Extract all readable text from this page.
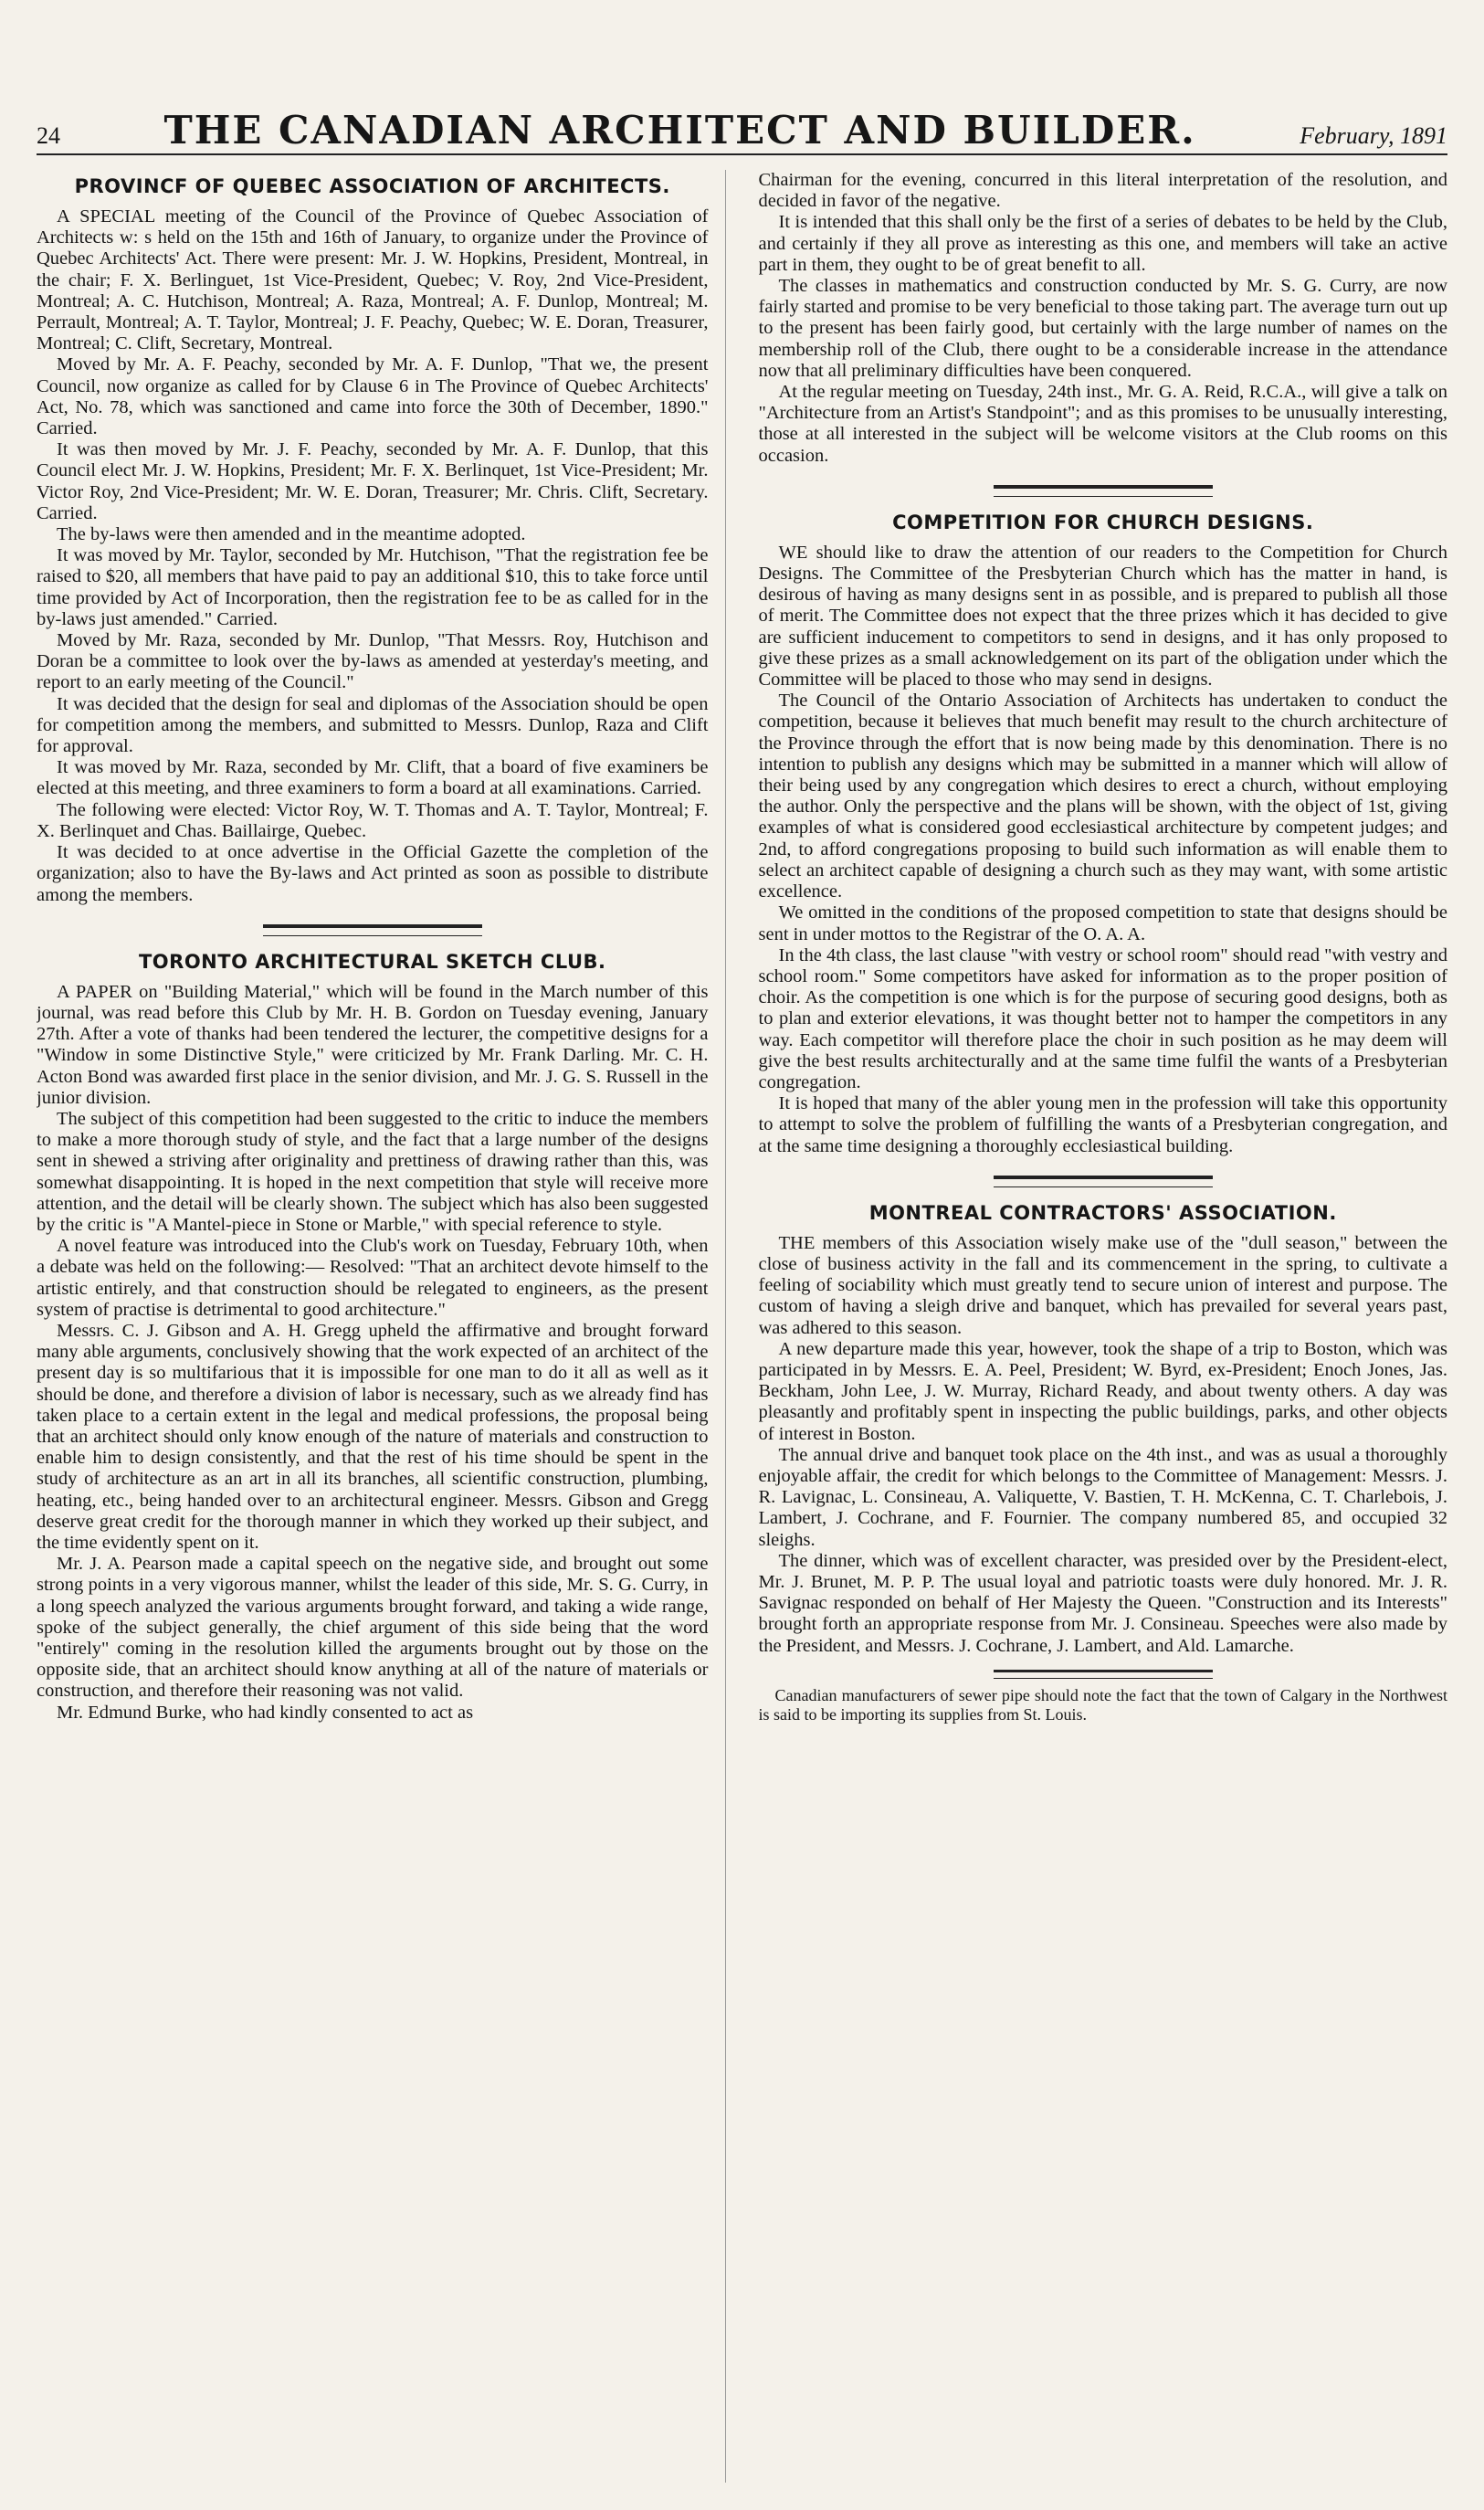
24	THE CANADIAN ARCHITECT AND BUILDER.	February, 1891
PROVINCF OF QUEBEC ASSOCIATION OF ARCHITECTS.

A SPECIAL meeting of the Council of the Province of Quebec Association of Architects w: s held on the 15th and 16th of January, to organize under the Province of Quebec Architects' Act. There were present: Mr. J. W. Hopkins, President, Montreal, in the chair; F. X. Berlinguet, 1st Vice-President, Quebec; V. Roy, 2nd Vice-President, Montreal; A. C. Hutchison, Montreal; A. Raza, Montreal; A. F. Dunlop, Montreal; M. Perrault, Montreal; A. T. Taylor, Montreal; J. F. Peachy, Quebec; W. E. Doran, Treasurer, Montreal; C. Clift, Secretary, Montreal.

Moved by Mr. A. F. Peachy, seconded by Mr. A. F. Dunlop, "That we, the present Council, now organize as called for by Clause 6 in The Province of Quebec Architects' Act, No. 78, which was sanctioned and came into force the 30th of December, 1890." Carried.

It was then moved by Mr. J. F. Peachy, seconded by Mr. A. F. Dunlop, that this Council elect Mr. J. W. Hopkins, President; Mr. F. X. Berlinquet, 1st Vice-President; Mr. Victor Roy, 2nd Vice-President; Mr. W. E. Doran, Treasurer; Mr. Chris. Clift, Secretary. Carried.

The by-laws were then amended and in the meantime adopted.

It was moved by Mr. Taylor, seconded by Mr. Hutchison, "That the registration fee be raised to $20, all members that have paid to pay an additional $10, this to take force until time provided by Act of Incorporation, then the registration fee to be as called for in the by-laws just amended." Carried.

Moved by Mr. Raza, seconded by Mr. Dunlop, "That Messrs. Roy, Hutchison and Doran be a committee to look over the by-laws as amended at yesterday's meeting, and report to an early meeting of the Council."

It was decided that the design for seal and diplomas of the Association should be open for competition among the members, and submitted to Messrs. Dunlop, Raza and Clift for approval.

It was moved by Mr. Raza, seconded by Mr. Clift, that a board of five examiners be elected at this meeting, and three examiners to form a board at all examinations. Carried.

The following were elected: Victor Roy, W. T. Thomas and A. T. Taylor, Montreal; F. X. Berlinquet and Chas. Baillairge, Quebec.

It was decided to at once advertise in the Official Gazette the completion of the organization; also to have the By-laws and Act printed as soon as possible to distribute among the members.

TORONTO ARCHITECTURAL SKETCH CLUB.

A PAPER on "Building Material," which will be found in the March number of this journal, was read before this Club by Mr. H. B. Gordon on Tuesday evening, January 27th. After a vote of thanks had been tendered the lecturer, the competitive designs for a "Window in some Distinctive Style," were criticized by Mr. Frank Darling. Mr. C. H. Acton Bond was awarded first place in the senior division, and Mr. J. G. S. Russell in the junior division.

The subject of this competition had been suggested to the critic to induce the members to make a more thorough study of style, and the fact that a large number of the designs sent in shewed a striving after originality and prettiness of drawing rather than this, was somewhat disappointing. It is hoped in the next competition that style will receive more attention, and the detail will be clearly shown. The subject which has also been suggested by the critic is "A Mantel-piece in Stone or Marble," with special reference to style.

A novel feature was introduced into the Club's work on Tuesday, February 10th, when a debate was held on the following:— Resolved: "That an architect devote himself to the artistic entirely, and that construction should be relegated to engineers, as the present system of practise is detrimental to good architecture."

Messrs. C. J. Gibson and A. H. Gregg upheld the affirmative and brought forward many able arguments, conclusively showing that the work expected of an architect of the present day is so multifarious that it is impossible for one man to do it all as well as it should be done, and therefore a division of labor is necessary, such as we already find has taken place to a certain extent in the legal and medical professions, the proposal being that an architect should only know enough of the nature of materials and construction to enable him to design consistently, and that the rest of his time should be spent in the study of architecture as an art in all its branches, all scientific construction, plumbing, heating, etc., being handed over to an architectural engineer. Messrs. Gibson and Gregg deserve great credit for the thorough manner in which they worked up their subject, and the time evidently spent on it.

Mr. J. A. Pearson made a capital speech on the negative side, and brought out some strong points in a very vigorous manner, whilst the leader of this side, Mr. S. G. Curry, in a long speech analyzed the various arguments brought forward, and taking a wide range, spoke of the subject generally, the chief argument of this side being that the word "entirely" coming in the resolution killed the arguments brought out by those on the opposite side, that an architect should know anything at all of the nature of materials or construction, and therefore their reasoning was not valid.

Mr. Edmund Burke, who had kindly consented to act as

Chairman for the evening, concurred in this literal interpretation of the resolution, and decided in favor of the negative.

It is intended that this shall only be the first of a series of debates to be held by the Club, and certainly if they all prove as interesting as this one, and members will take an active part in them, they ought to be of great benefit to all.

The classes in mathematics and construction conducted by Mr. S. G. Curry, are now fairly started and promise to be very beneficial to those taking part. The average turn out up to the present has been fairly good, but certainly with the large number of names on the membership roll of the Club, there ought to be a considerable increase in the attendance now that all preliminary difficulties have been conquered.

At the regular meeting on Tuesday, 24th inst., Mr. G. A. Reid, R.C.A., will give a talk on "Architecture from an Artist's Standpoint"; and as this promises to be unusually interesting, those at all interested in the subject will be welcome visitors at the Club rooms on this occasion.

COMPETITION FOR CHURCH DESIGNS.

WE should like to draw the attention of our readers to the Competition for Church Designs. The Committee of the Presbyterian Church which has the matter in hand, is desirous of having as many designs sent in as possible, and is prepared to publish all those of merit. The Committee does not expect that the three prizes which it has decided to give are sufficient inducement to competitors to send in designs, and it has only proposed to give these prizes as a small acknowledgement on its part of the obligation under which the Committee will be placed to those who may send in designs.

The Council of the Ontario Association of Architects has undertaken to conduct the competition, because it believes that much benefit may result to the church architecture of the Province through the effort that is now being made by this denomination. There is no intention to publish any designs which may be submitted in a manner which will allow of their being used by any congregation which desires to erect a church, without employing the author. Only the perspective and the plans will be shown, with the object of 1st, giving examples of what is considered good ecclesiastical architecture by competent judges; and 2nd, to afford congregations proposing to build such information as will enable them to select an architect capable of designing a church such as they may want, with some artistic excellence.

We omitted in the conditions of the proposed competition to state that designs should be sent in under mottos to the Registrar of the O. A. A.

In the 4th class, the last clause "with vestry or school room" should read "with vestry and school room." Some competitors have asked for information as to the proper position of choir. As the competition is one which is for the purpose of securing good designs, both as to plan and exterior elevations, it was thought better not to hamper the competitors in any way. Each competitor will therefore place the choir in such position as he may deem will give the best results architecturally and at the same time fulfil the wants of a Presbyterian congregation.

It is hoped that many of the abler young men in the profession will take this opportunity to attempt to solve the problem of fulfilling the wants of a Presbyterian congregation, and at the same time designing a thoroughly ecclesiastical building.

MONTREAL CONTRACTORS' ASSOCIATION.

THE members of this Association wisely make use of the "dull season," between the close of business activity in the fall and its commencement in the spring, to cultivate a feeling of sociability which must greatly tend to secure union of interest and purpose. The custom of having a sleigh drive and banquet, which has prevailed for several years past, was adhered to this season.

A new departure made this year, however, took the shape of a trip to Boston, which was participated in by Messrs. E. A. Peel, President; W. Byrd, ex-President; Enoch Jones, Jas. Beckham, John Lee, J. W. Murray, Richard Ready, and about twenty others. A day was pleasantly and profitably spent in inspecting the public buildings, parks, and other objects of interest in Boston.

The annual drive and banquet took place on the 4th inst., and was as usual a thoroughly enjoyable affair, the credit for which belongs to the Committee of Management: Messrs. J. R. Lavignac, L. Consineau, A. Valiquette, V. Bastien, T. H. McKenna, C. T. Charlebois, J. Lambert, J. Cochrane, and F. Fournier. The company numbered 85, and occupied 32 sleighs.

The dinner, which was of excellent character, was presided over by the President-elect, Mr. J. Brunet, M. P. P. The usual loyal and patriotic toasts were duly honored. Mr. J. R. Savignac responded on behalf of Her Majesty the Queen. "Construction and its Interests" brought forth an appropriate response from Mr. J. Consineau. Speeches were also made by the President, and Messrs. J. Cochrane, J. Lambert, and Ald. Lamarche.

Canadian manufacturers of sewer pipe should note the fact that the town of Calgary in the Northwest is said to be importing its supplies from St. Louis.
